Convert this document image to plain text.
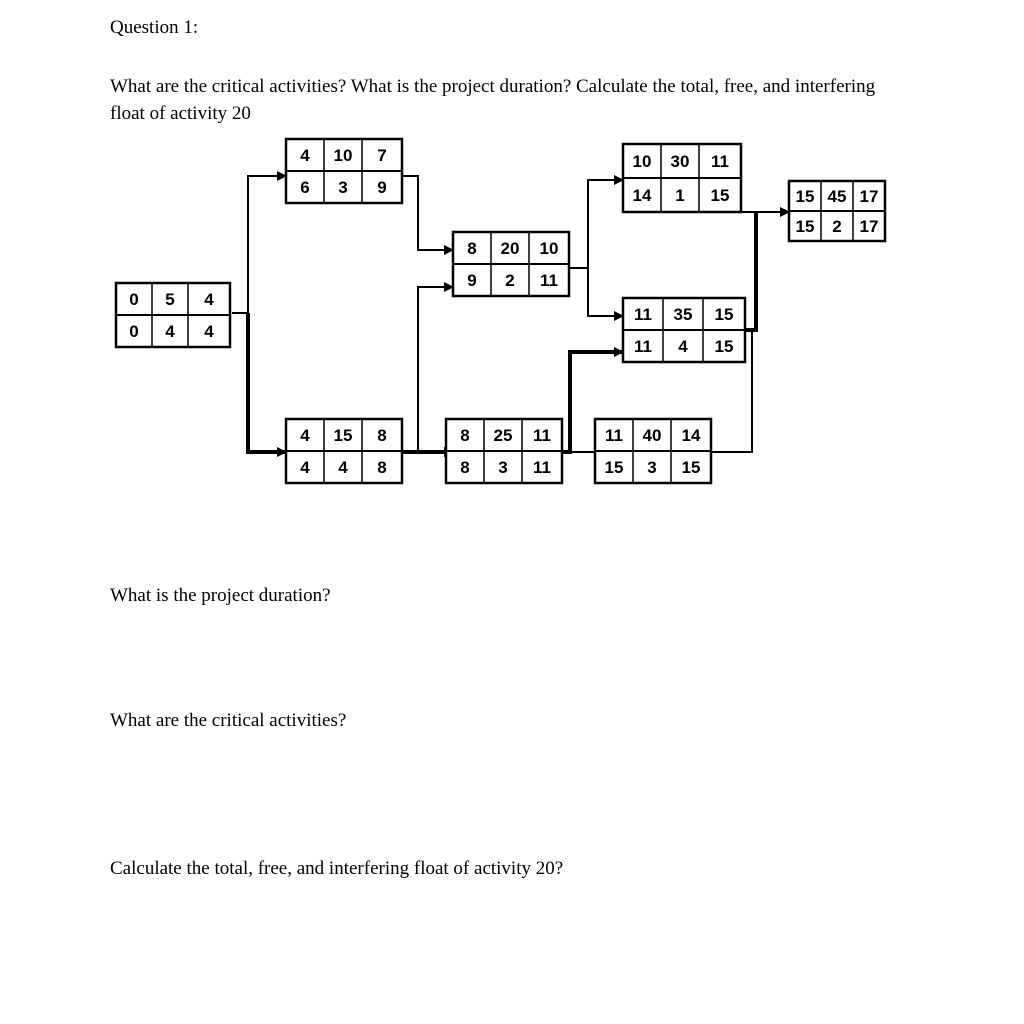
Question 1:
What are the critical activities? What is the project duration? Calculate the total, free, and interfering float of activity 20
0
0
5
4
4
4
4
6
10
3
7
9
4
4
15
4
8
8
8
9
20
2
10
11
8
8
25
3
11
11
10
14
30
1
11
15
11
11
35
4
15
15
11
15
40
3
14
15
15
15
45
2
17
17
What is the project duration?
What are the critical activities?
Calculate the total, free, and interfering float of activity 20?
